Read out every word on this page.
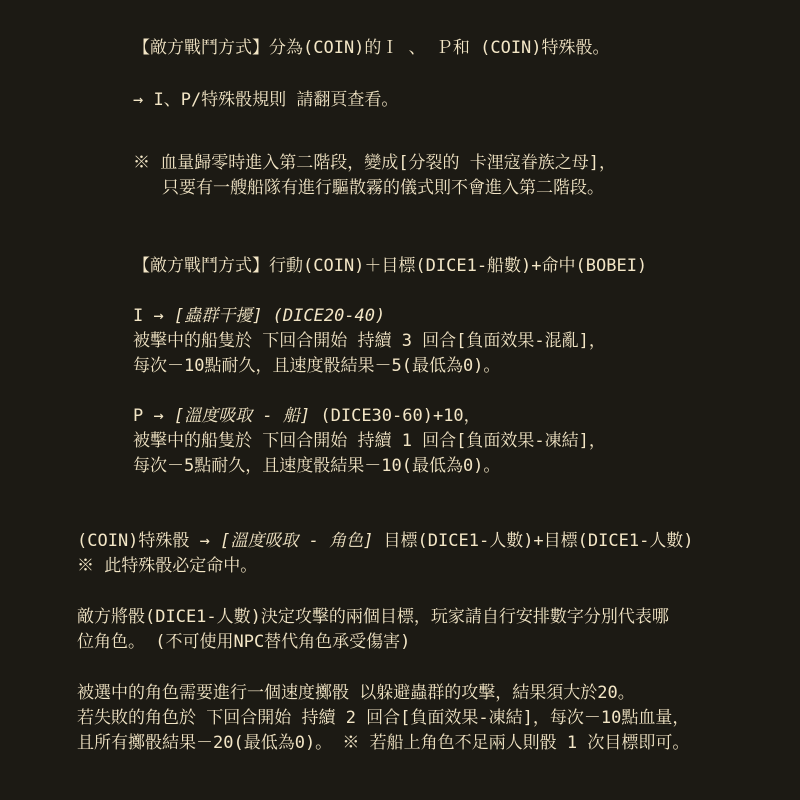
【敵方戰鬥方式】分為(COIN)的Ｉ 、 Ｐ和 (COIN)特殊骰。
→ I、P/特殊骰規則 請翻頁查看。
※ 血量歸零時進入第二階段，變成[分裂的 卡浬寇眷族之母]，
只要有一艘船隊有進行驅散霧的儀式則不會進入第二階段。
【敵方戰鬥方式】行動(COIN)＋目標(DICE1-船數)+命中(BOBEI)
I → [蟲群干擾] (DICE20-40)
被擊中的船隻於 下回合開始 持續 3 回合[負面效果-混亂]，
每次－10點耐久，且速度骰結果－5(最低為0)。
P → [溫度吸取 - 船] (DICE30-60)+10，
被擊中的船隻於 下回合開始 持續 1 回合[負面效果-凍結]，
每次－5點耐久，且速度骰結果－10(最低為0)。
(COIN)特殊骰 → [溫度吸取 - 角色] 目標(DICE1-人數)+目標(DICE1-人數)
※ 此特殊骰必定命中。
敵方將骰(DICE1-人數)決定攻擊的兩個目標，玩家請自行安排數字分別代表哪
位角色。 (不可使用NPC替代角色承受傷害)
被選中的角色需要進行一個速度擲骰 以躲避蟲群的攻擊，結果須大於20。
若失敗的角色於 下回合開始 持續 2 回合[負面效果-凍結]，每次－10點血量，
且所有擲骰結果－20(最低為0)。 ※ 若船上角色不足兩人則骰 1 次目標即可。
